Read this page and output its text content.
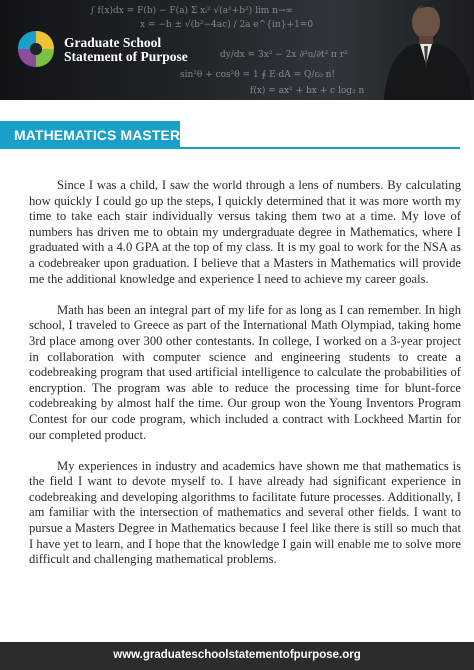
∫ f(x)dx = F(b) − F(a) Σ xᵢ² √(a²+b²) lim n→∞
x = −b ± √(b²−4ac) / 2a e^{iπ}+1=0
dy/dx = 3x² − 2x ∂²u/∂t² π r²
sin²θ + cos²θ = 1 ∮ E·dA = Q/ε₀ n!
f(x) = ax² + bx + c log₂ n
Graduate School
Statement of Purpose
MATHEMATICS MASTERS

Since I was a child, I saw the world through a lens of numbers. By calculating how quickly I could go up the steps, I quickly determined that it was more worth my time to take each stair individually versus taking them two at a time. My love of numbers has driven me to obtain my undergraduate degree in Mathematics, where I graduated with a 4.0 GPA at the top of my class. It is my goal to work for the NSA as a codebreaker upon graduation. I believe that a Masters in Mathematics will provide me the additional knowledge and experience I need to achieve my career goals.

Math has been an integral part of my life for as long as I can remember. In high school, I traveled to Greece as part of the International Math Olympiad, taking home 3rd place among over 300 other contestants. In college, I worked on a 3-year project in collaboration with computer science and engineering students to create a codebreaking program that used artificial intelligence to calculate the probabilities of encryption. The program was able to reduce the processing time for blunt-force codebreaking by almost half the time. Our group won the Young Inventors Program Contest for our code program, which included a contract with Lockheed Martin for our completed product.

My experiences in industry and academics have shown me that mathematics is the field I want to devote myself to. I have already had significant experience in codebreaking and developing algorithms to facilitate future processes. Additionally, I am familiar with the intersection of mathematics and several other fields. I want to pursue a Masters Degree in Mathematics because I feel like there is still so much that I have yet to learn, and I hope that the knowledge I gain will enable me to solve more difficult and challenging mathematical problems.

www.graduateschoolstatementofpurpose.org
